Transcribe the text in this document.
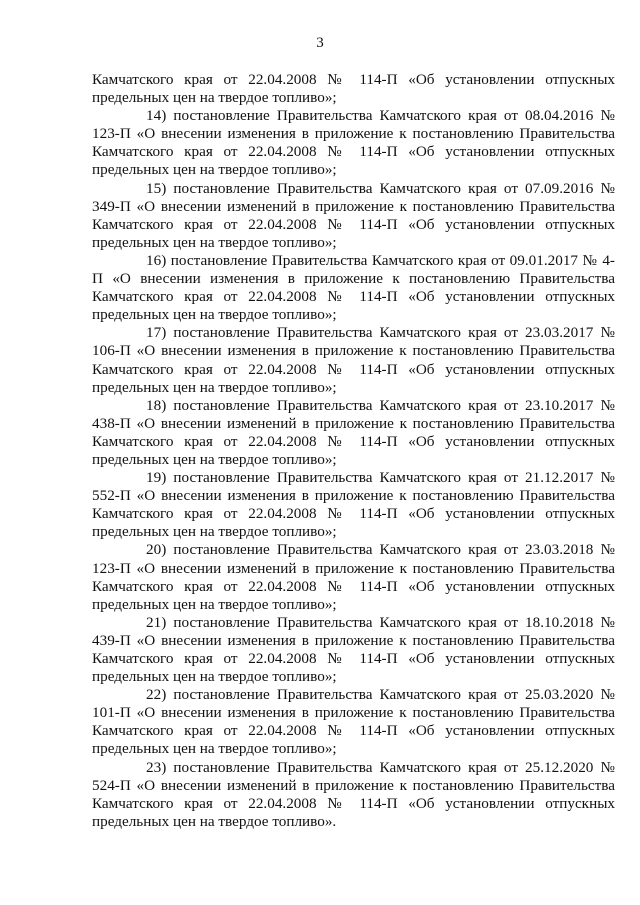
3

Камчатского края от 22.04.2008 № 114-П «Об установлении отпускных предельных цен на твердое топливо»;

14) постановление Правительства Камчатского края от 08.04.2016 № 123-П «О внесении изменения в приложение к постановлению Правительства Камчатского края от 22.04.2008 № 114-П «Об установлении отпускных предельных цен на твердое топливо»;

15) постановление Правительства Камчатского края от 07.09.2016 № 349-П «О внесении изменений в приложение к постановлению Правительства Камчатского края от 22.04.2008 № 114-П «Об установлении отпускных предельных цен на твердое топливо»;

16) постановление Правительства Камчатского края от 09.01.2017 № 4-П «О внесении изменения в приложение к постановлению Правительства Камчатского края от 22.04.2008 № 114-П «Об установлении отпускных предельных цен на твердое топливо»;

17) постановление Правительства Камчатского края от 23.03.2017 № 106-П «О внесении изменения в приложение к постановлению Правительства Камчатского края от 22.04.2008 № 114-П «Об установлении отпускных предельных цен на твердое топливо»;

18) постановление Правительства Камчатского края от 23.10.2017 № 438-П «О внесении изменений в приложение к постановлению Правительства Камчатского края от 22.04.2008 № 114-П «Об установлении отпускных предельных цен на твердое топливо»;

19) постановление Правительства Камчатского края от 21.12.2017 № 552-П «О внесении изменения в приложение к постановлению Правительства Камчатского края от 22.04.2008 № 114-П «Об установлении отпускных предельных цен на твердое топливо»;

20) постановление Правительства Камчатского края от 23.03.2018 № 123-П «О внесении изменений в приложение к постановлению Правительства Камчатского края от 22.04.2008 № 114-П «Об установлении отпускных предельных цен на твердое топливо»;

21) постановление Правительства Камчатского края от 18.10.2018 № 439-П «О внесении изменения в приложение к постановлению Правительства Камчатского края от 22.04.2008 № 114-П «Об установлении отпускных предельных цен на твердое топливо»;

22) постановление Правительства Камчатского края от 25.03.2020 № 101-П «О внесении изменения в приложение к постановлению Правительства Камчатского края от 22.04.2008 № 114-П «Об установлении отпускных предельных цен на твердое топливо»;

23) постановление Правительства Камчатского края от 25.12.2020 № 524-П «О внесении изменений в приложение к постановлению Правительства Камчатского края от 22.04.2008 № 114-П «Об установлении отпускных предельных цен на твердое топливо».
